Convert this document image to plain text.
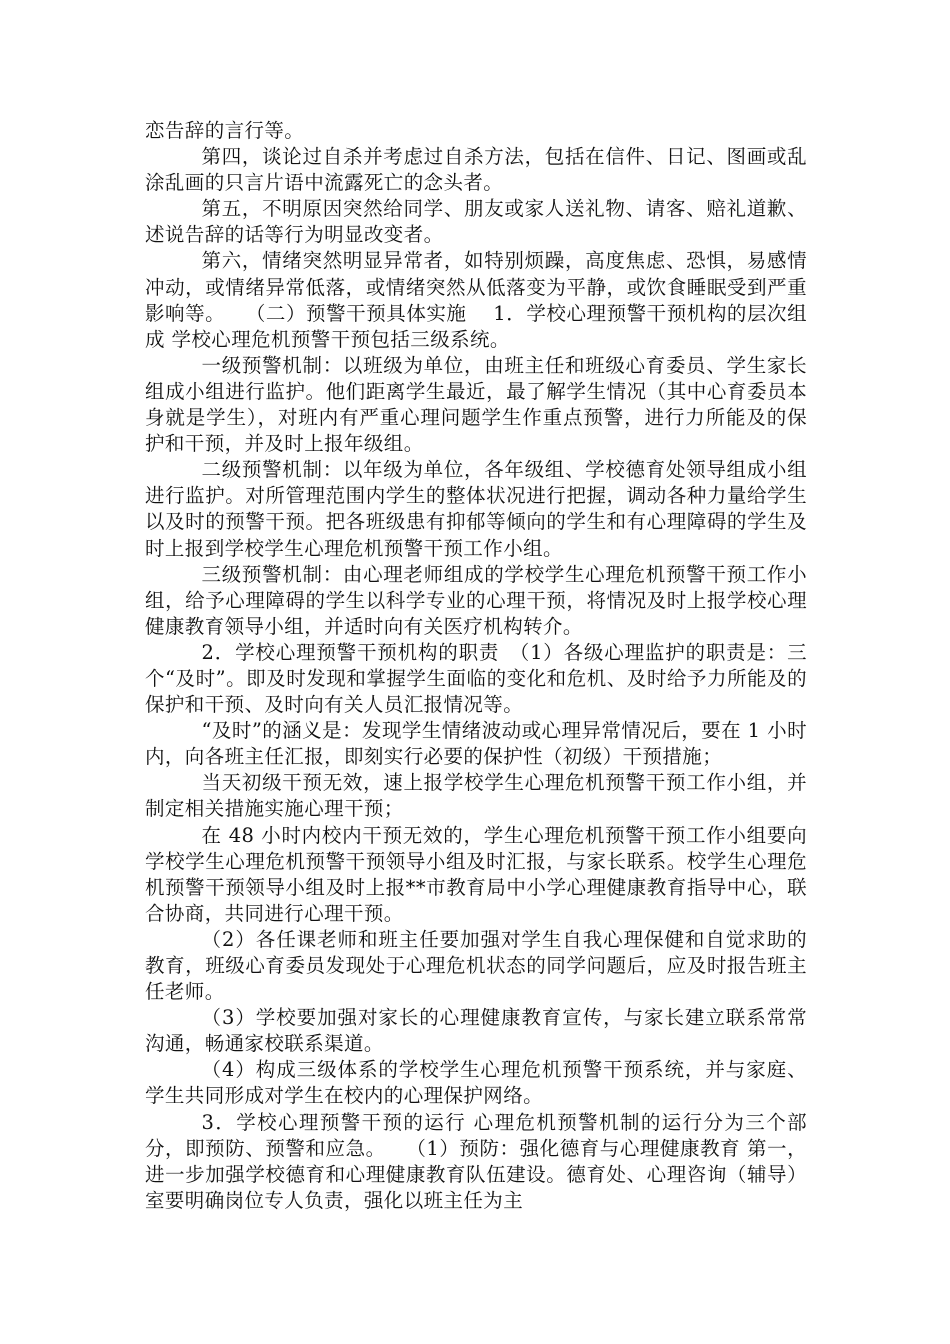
恋告辞的言行等。

第四，谈论过自杀并考虑过自杀方法，包括在信件、日记、图画或乱涂乱画的只言片语中流露死亡的念头者。

第五，不明原因突然给同学、朋友或家人送礼物、请客、赔礼道歉、述说告辞的话等行为明显改变者。

第六，情绪突然明显异常者，如特别烦躁，高度焦虑、恐惧，易感情冲动，或情绪异常低落，或情绪突然从低落变为平静，或饮食睡眠受到严重影响等。　　（二）预警干预具体实施　 1．学校心理预警干预机构的层次组成 学校心理危机预警干预包括三级系统。

一级预警机制：以班级为单位，由班主任和班级心育委员、学生家长组成小组进行监护。他们距离学生最近，最了解学生情况（其中心育委员本身就是学生），对班内有严重心理问题学生作重点预警，进行力所能及的保护和干预，并及时上报年级组。

二级预警机制：以年级为单位，各年级组、学校德育处领导组成小组进行监护。对所管理范围内学生的整体状况进行把握，调动各种力量给学生以及时的预警干预。把各班级患有抑郁等倾向的学生和有心理障碍的学生及时上报到学校学生心理危机预警干预工作小组。

三级预警机制：由心理老师组成的学校学生心理危机预警干预工作小组，给予心理障碍的学生以科学专业的心理干预，将情况及时上报学校心理健康教育领导小组，并适时向有关医疗机构转介。

2．学校心理预警干预机构的职责　（1）各级心理监护的职责是：三个“及时”。即及时发现和掌握学生面临的变化和危机、及时给予力所能及的保护和干预、及时向有关人员汇报情况等。

“及时”的涵义是：发现学生情绪波动或心理异常情况后，要在 1 小时内，向各班主任汇报，即刻实行必要的保护性（初级）干预措施；

当天初级干预无效，速上报学校学生心理危机预警干预工作小组，并制定相关措施实施心理干预；

在 48 小时内校内干预无效的，学生心理危机预警干预工作小组要向学校学生心理危机预警干预领导小组及时汇报，与家长联系。校学生心理危机预警干预领导小组及时上报**市教育局中小学心理健康教育指导中心，联合协商，共同进行心理干预。

（2）各任课老师和班主任要加强对学生自我心理保健和自觉求助的教育，班级心育委员发现处于心理危机状态的同学问题后，应及时报告班主任老师。

（3）学校要加强对家长的心理健康教育宣传，与家长建立联系常常沟通，畅通家校联系渠道。

（4）构成三级体系的学校学生心理危机预警干预系统，并与家庭、学生共同形成对学生在校内的心理保护网络。

3．学校心理预警干预的运行 心理危机预警机制的运行分为三个部分，即预防、预警和应急。　　（1）预防：强化德育与心理健康教育 第一，进一步加强学校德育和心理健康教育队伍建设。德育处、心理咨询（辅导）室要明确岗位专人负责，强化以班主任为主
